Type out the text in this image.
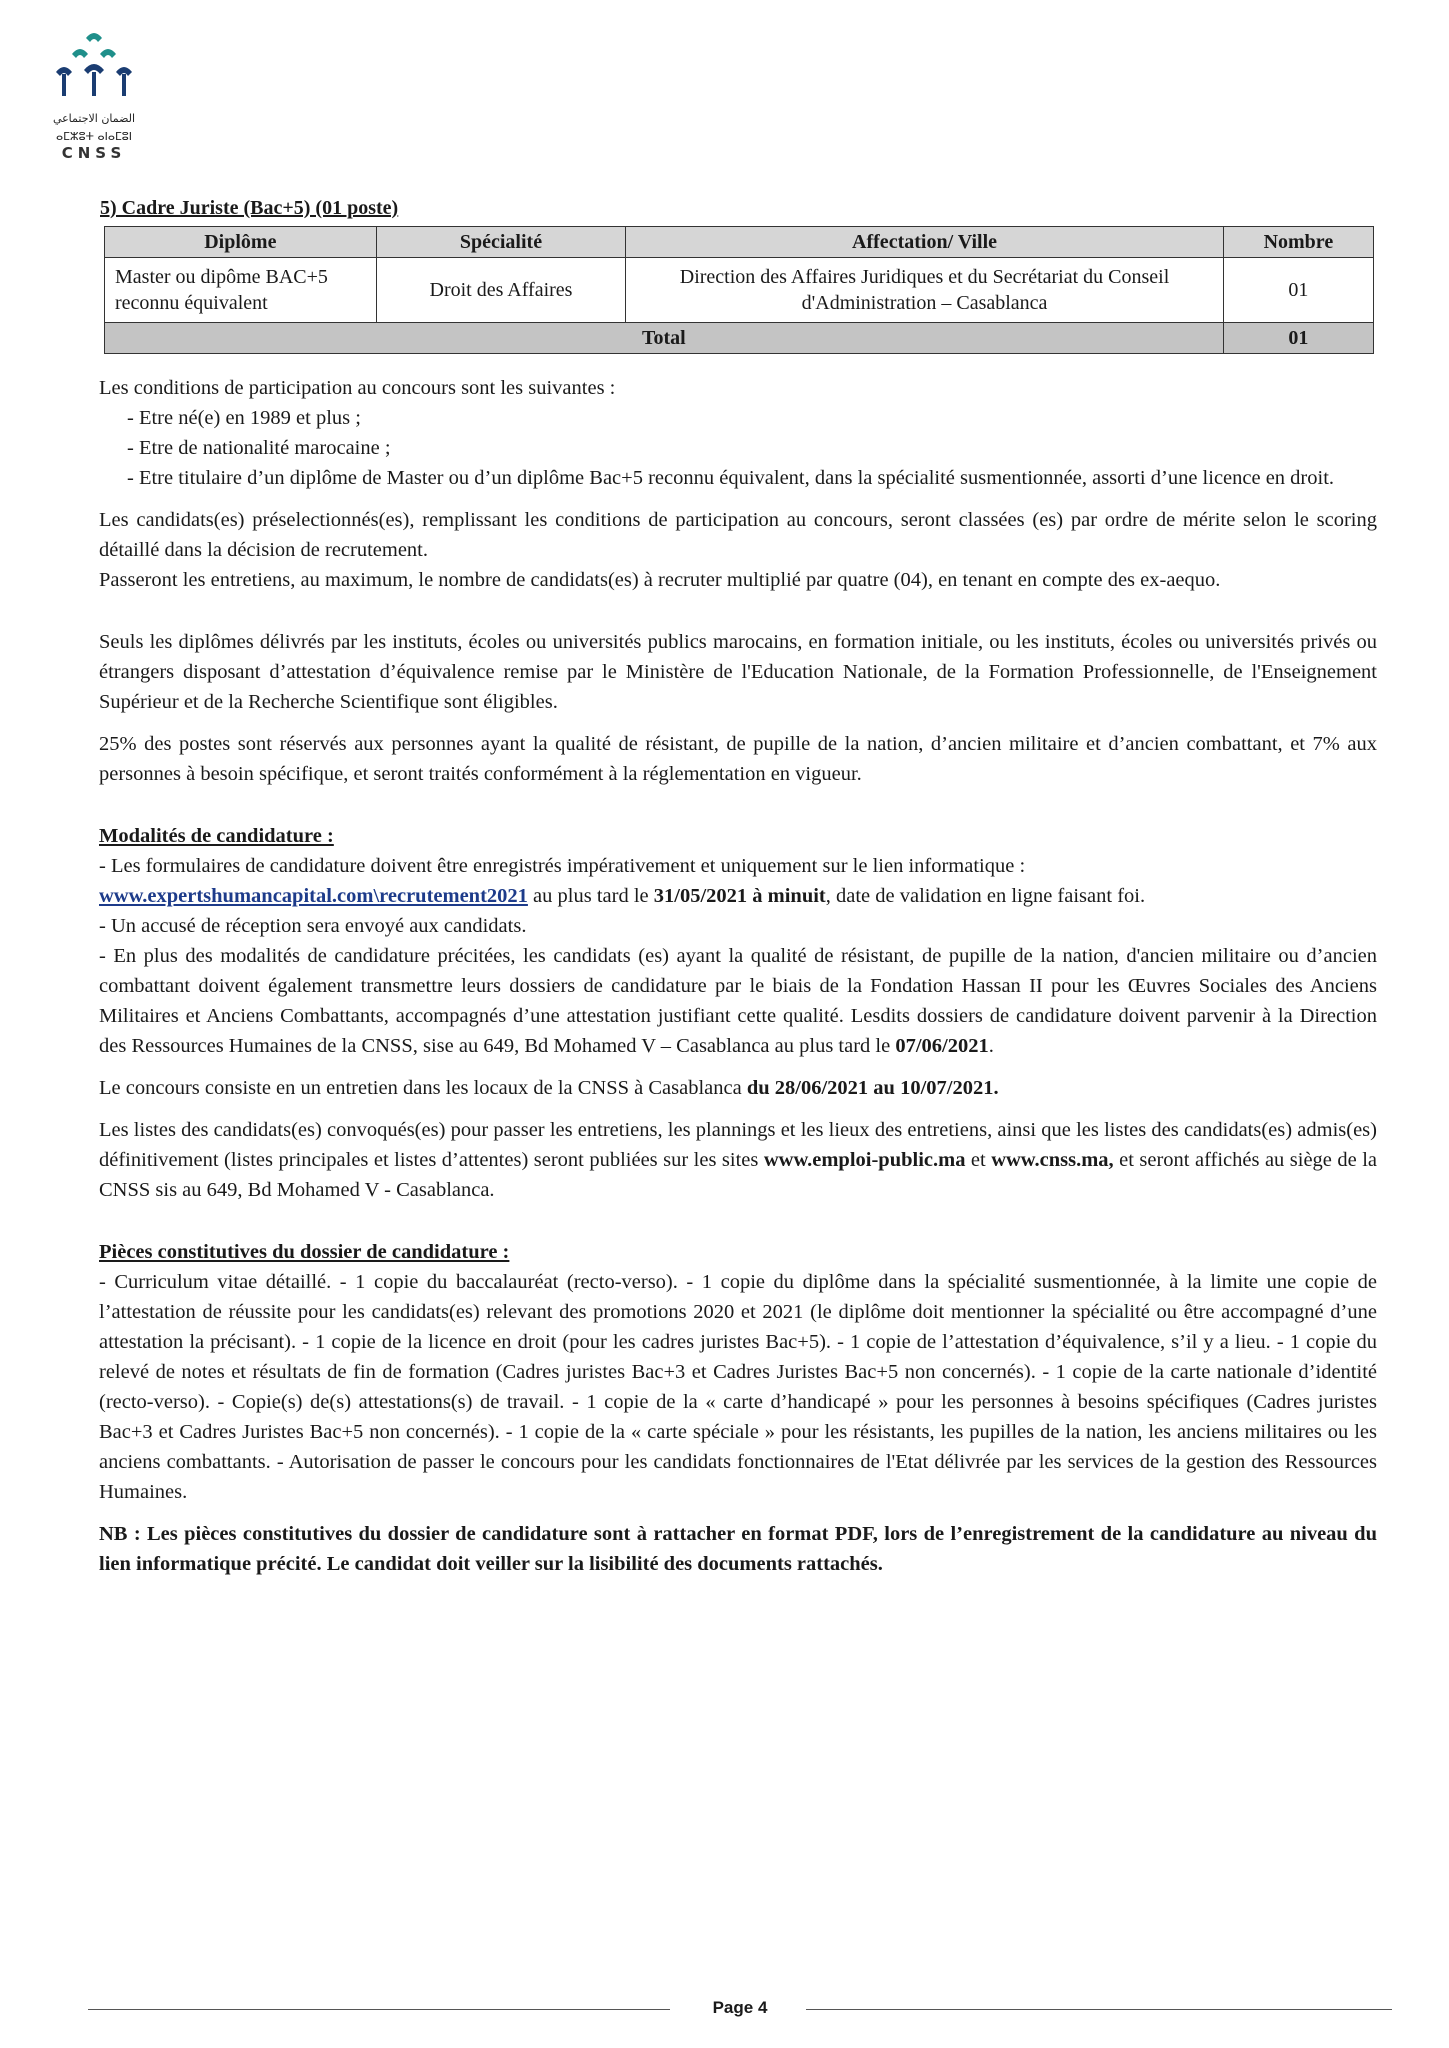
الضمان الاجتماعي
ⴰⵎⵣⵓⵜ ⴰⵏⴰⵎⵓⵏ
CNSS
5) Cadre Juriste (Bac+5) (01 poste)
Diplôme	Spécialité	Affectation/ Ville	Nombre
Master ou dipôme BAC+5 reconnu équivalent	Droit des Affaires	Direction des Affaires Juridiques et du Secrétariat du Conseil d'Administration – Casablanca	01
Total			01

Les conditions de participation au concours sont les suivantes :

- Etre né(e) en 1989 et plus ;

- Etre de nationalité marocaine ;

- Etre titulaire d’un diplôme de Master ou d’un diplôme Bac+5 reconnu équivalent, dans la spécialité susmentionnée, assorti d’une licence en droit.

Les candidats(es) préselectionnés(es), remplissant les conditions de participation au concours, seront classées (es) par ordre de mérite selon le scoring détaillé dans la décision de recrutement.

Passeront les entretiens, au maximum, le nombre de candidats(es) à recruter multiplié par quatre (04), en tenant en compte des ex-aequo.

Seuls les diplômes délivrés par les instituts, écoles ou universités publics marocains, en formation initiale, ou les instituts, écoles ou universités privés ou étrangers disposant d’attestation d’équivalence remise par le Ministère de l'Education Nationale, de la Formation Professionnelle, de l'Enseignement Supérieur et de la Recherche Scientifique sont éligibles.

25% des postes sont réservés aux personnes ayant la qualité de résistant, de pupille de la nation, d’ancien militaire et d’ancien combattant, et 7% aux personnes à besoin spécifique, et seront traités conformément à la réglementation en vigueur.

Modalités de candidature :

- Les formulaires de candidature doivent être enregistrés impérativement et uniquement sur le lien informatique :

www.expertshumancapital.com\recrutement2021 au plus tard le 31/05/2021 à minuit, date de validation en ligne faisant foi.

- Un accusé de réception sera envoyé aux candidats.

- En plus des modalités de candidature précitées, les candidats (es) ayant la qualité de résistant, de pupille de la nation, d'ancien militaire ou d’ancien combattant doivent également transmettre leurs dossiers de candidature par le biais de la Fondation Hassan II pour les Œuvres Sociales des Anciens Militaires et Anciens Combattants, accompagnés d’une attestation justifiant cette qualité. Lesdits dossiers de candidature doivent parvenir à la Direction des Ressources Humaines de la CNSS, sise au 649, Bd Mohamed V – Casablanca au plus tard le 07/06/2021.

Le concours consiste en un entretien dans les locaux de la CNSS à Casablanca du 28/06/2021 au 10/07/2021.

Les listes des candidats(es) convoqués(es) pour passer les entretiens, les plannings et les lieux des entretiens, ainsi que les listes des candidats(es) admis(es) définitivement (listes principales et listes d’attentes) seront publiées sur les sites www.emploi-public.ma et www.cnss.ma, et seront affichés au siège de la CNSS sis au 649, Bd Mohamed V - Casablanca.

Pièces constitutives du dossier de candidature :

- Curriculum vitae détaillé. - 1 copie du baccalauréat (recto-verso). - 1 copie du diplôme dans la spécialité susmentionnée, à la limite une copie de l’attestation de réussite pour les candidats(es) relevant des promotions 2020 et 2021 (le diplôme doit mentionner la spécialité ou être accompagné d’une attestation la précisant). - 1 copie de la licence en droit (pour les cadres juristes Bac+5). - 1 copie de l’attestation d’équivalence, s’il y a lieu. - 1 copie du relevé de notes et résultats de fin de formation (Cadres juristes Bac+3 et Cadres Juristes Bac+5 non concernés). - 1 copie de la carte nationale d’identité (recto-verso). - Copie(s) de(s) attestations(s) de travail. - 1 copie de la « carte d’handicapé » pour les personnes à besoins spécifiques (Cadres juristes Bac+3 et Cadres Juristes Bac+5 non concernés). - 1 copie de la « carte spéciale » pour les résistants, les pupilles de la nation, les anciens militaires ou les anciens combattants. - Autorisation de passer le concours pour les candidats fonctionnaires de l'Etat délivrée par les services de la gestion des Ressources Humaines.

NB : Les pièces constitutives du dossier de candidature sont à rattacher en format PDF, lors de l’enregistrement de la candidature au niveau du lien informatique précité. Le candidat doit veiller sur la lisibilité des documents rattachés.

Page 4
